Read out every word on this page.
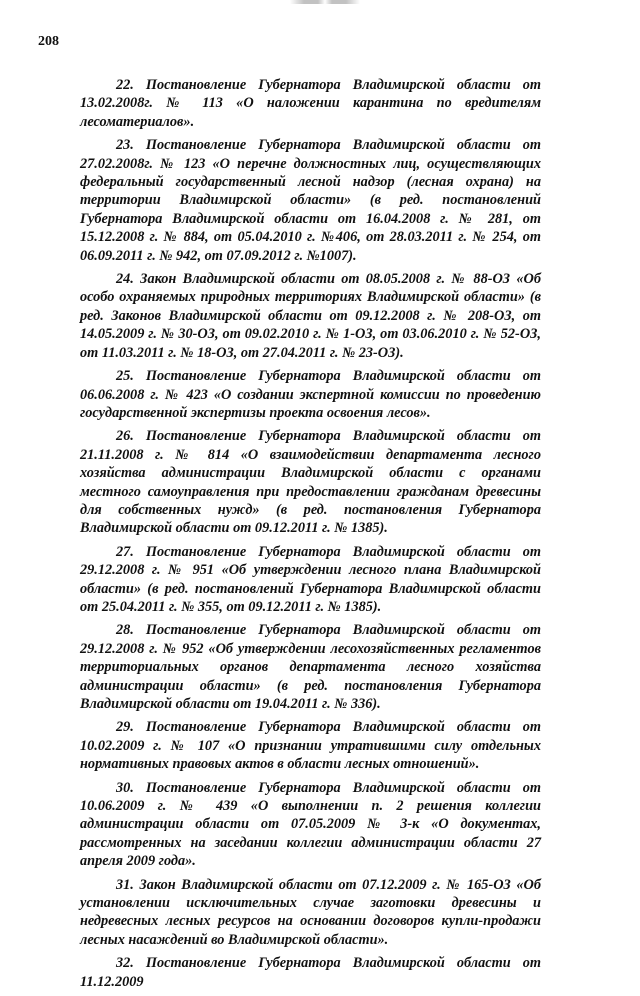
208

22. Постановление Губернатора Владимирской области от 13.02.2008г. № 113 «О наложении карантина по вредителям лесоматериалов».

23. Постановление Губернатора Владимирской области от 27.02.2008г. № 123 «О перечне должностных лиц, осуществляющих федеральный государственный лесной надзор (лесная охрана) на территории Владимирской области» (в ред. постановлений Губернатора Владимирской области от 16.04.2008 г. № 281, от 15.12.2008 г. № 884, от 05.04.2010 г. №406, от 28.03.2011 г. № 254, от 06.09.2011 г. № 942, от 07.09.2012 г. №1007).

24. Закон Владимирской области от 08.05.2008 г. № 88-ОЗ «Об особо охраняемых природных территориях Владимирской области» (в ред. Законов Владимирской области от 09.12.2008 г. № 208-ОЗ, от 14.05.2009 г. № 30-ОЗ, от 09.02.2010 г. № 1-ОЗ, от 03.06.2010 г. № 52-ОЗ, от 11.03.2011 г. № 18-ОЗ, от 27.04.2011 г. № 23-ОЗ).

25. Постановление Губернатора Владимирской области от 06.06.2008 г. № 423 «О создании экспертной комиссии по проведению государственной экспертизы проекта освоения лесов».

26. Постановление Губернатора Владимирской области от 21.11.2008 г. № 814 «О взаимодействии департамента лесного хозяйства администрации Владимирской области с органами местного самоуправления при предоставлении гражданам древесины для собственных нужд» (в ред. постановления Губернатора Владимирской области от 09.12.2011 г. № 1385).

27. Постановление Губернатора Владимирской области от 29.12.2008 г. № 951 «Об утверждении лесного плана Владимирской области» (в ред. постановлений Губернатора Владимирской области от 25.04.2011 г. № 355, от 09.12.2011 г. № 1385).

28. Постановление Губернатора Владимирской области от 29.12.2008 г. № 952 «Об утверждении лесохозяйственных регламентов территориальных органов департамента лесного хозяйства администрации области» (в ред. постановления Губернатора Владимирской области от 19.04.2011 г. № 336).

29. Постановление Губернатора Владимирской области от 10.02.2009 г. № 107 «О признании утратившими силу отдельных нормативных правовых актов в области лесных отношений».

30. Постановление Губернатора Владимирской области от 10.06.2009 г. № 439 «О выполнении п. 2 решения коллегии администрации области от 07.05.2009 № 3-к «О документах, рассмотренных на заседании коллегии администрации области 27 апреля 2009 года».

31. Закон Владимирской области от 07.12.2009 г. № 165-ОЗ «Об установлении исключительных случае заготовки древесины и недревесных лесных ресурсов на основании договоров купли-продажи лесных насаждений во Владимирской области».

32. Постановление Губернатора Владимирской области от 11.12.2009
